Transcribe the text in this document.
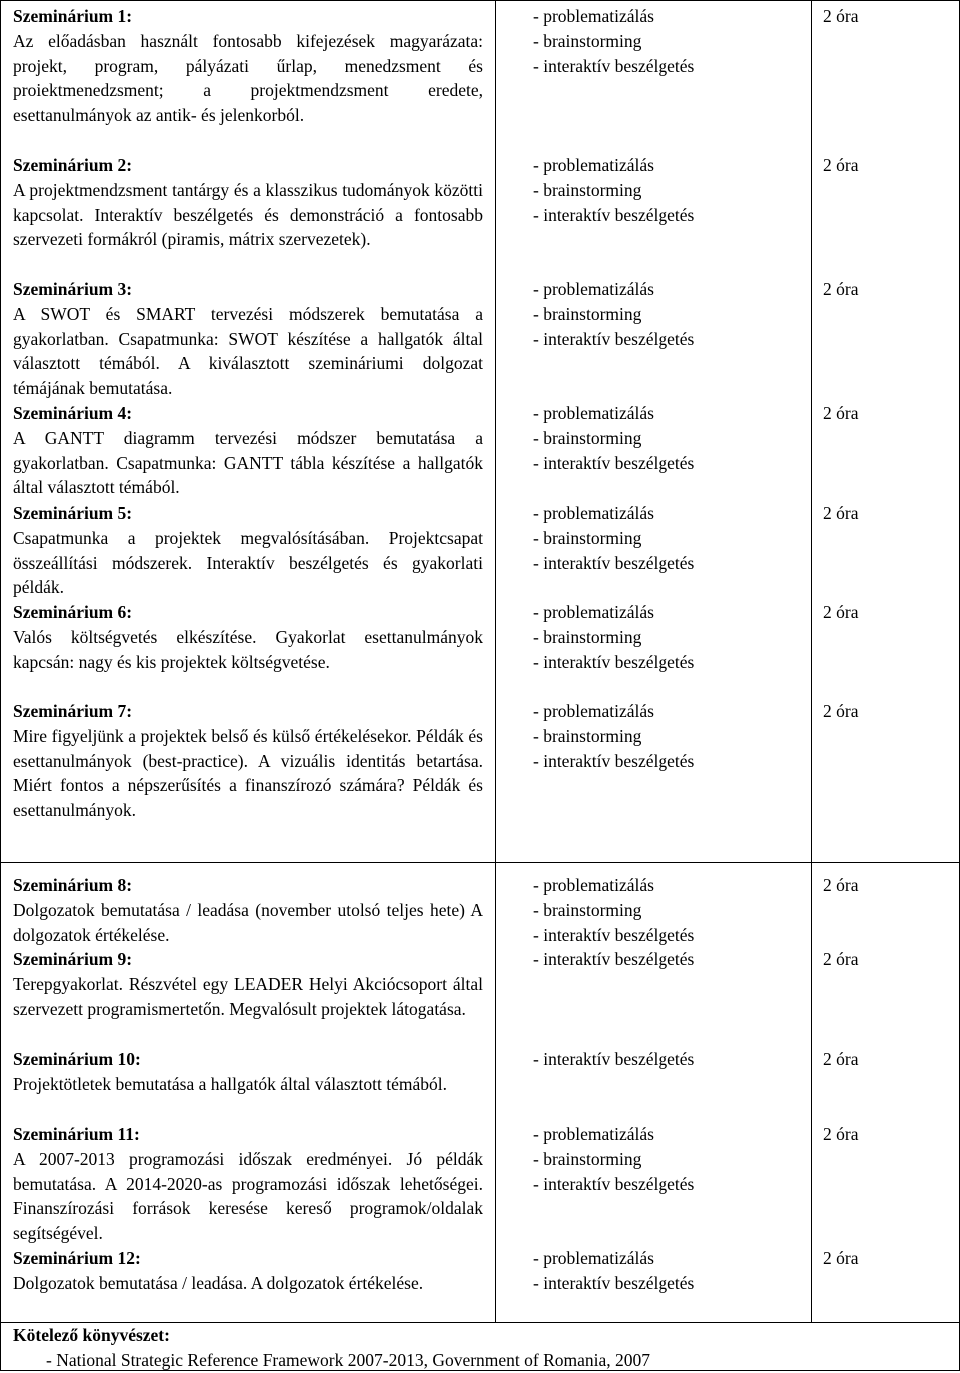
Szeminárium 1:
Az előadásban használt fontosabb kifejezések magyarázata: projekt, program, pályázati űrlap, menedzsment és proiektmenedzsment; a projektmendzsment eredete, esettanulmányok az antik- és jelenkorból.
- problematizálás
- brainstorming
- interaktív beszélgetés
2 óra
Szeminárium 2:
A projektmendzsment tantárgy és a klasszikus tudományok közötti kapcsolat. Interaktív beszélgetés és demonstráció a fontosabb szervezeti formákról (piramis, mátrix szervezetek).
- problematizálás
- brainstorming
- interaktív beszélgetés
2 óra
Szeminárium 3:
A SWOT és SMART tervezési módszerek bemutatása a gyakorlatban. Csapatmunka: SWOT készítése a hallgatók által választott témából. A kiválasztott szemináriumi dolgozat témájának bemutatása.
- problematizálás
- brainstorming
- interaktív beszélgetés
2 óra
Szeminárium 4:
A GANTT diagramm tervezési módszer bemutatása a gyakorlatban. Csapatmunka: GANTT tábla készítése a hallgatók által választott témából.
- problematizálás
- brainstorming
- interaktív beszélgetés
2 óra
Szeminárium 5:
Csapatmunka a projektek megvalósításában. Projektcsapat összeállítási módszerek. Interaktív beszélgetés és gyakorlati példák.
- problematizálás
- brainstorming
- interaktív beszélgetés
2 óra
Szeminárium 6:
Valós költségvetés elkészítése. Gyakorlat esettanulmányok kapcsán: nagy és kis projektek költségvetése.
- problematizálás
- brainstorming
- interaktív beszélgetés
2 óra
Szeminárium 7:
Mire figyeljünk a projektek belső és külső értékelésekor. Példák és esettanulmányok (best-practice). A vizuális identitás betartása. Miért fontos a népszerűsítés a finanszírozó számára? Példák és esettanulmányok.
- problematizálás
- brainstorming
- interaktív beszélgetés
2 óra
Szeminárium 8:
Dolgozatok bemutatása / leadása (november utolsó teljes hete) A dolgozatok értékelése.
- problematizálás
- brainstorming
- interaktív beszélgetés
2 óra
Szeminárium 9:
Terepgyakorlat. Részvétel egy LEADER Helyi Akciócsoport által szervezett programismertetőn. Megvalósult projektek látogatása.
- interaktív beszélgetés	2 óra
Szeminárium 10:
Projektötletek bemutatása a hallgatók által választott témából.
- interaktív beszélgetés	2 óra
Szeminárium 11:
A 2007-2013 programozási időszak eredményei. Jó példák bemutatása. A 2014-2020-as programozási időszak lehetőségei. Finanszírozási források keresése kereső programok/oldalak segítségével.
- problematizálás
- brainstorming
- interaktív beszélgetés
2 óra
Szeminárium 12:
Dolgozatok bemutatása / leadása. A dolgozatok értékelése.
- problematizálás
- interaktív beszélgetés
2 óra
Kötelező könyvészet:
- National Strategic Reference Framework 2007-2013, Government of Romania, 2007
